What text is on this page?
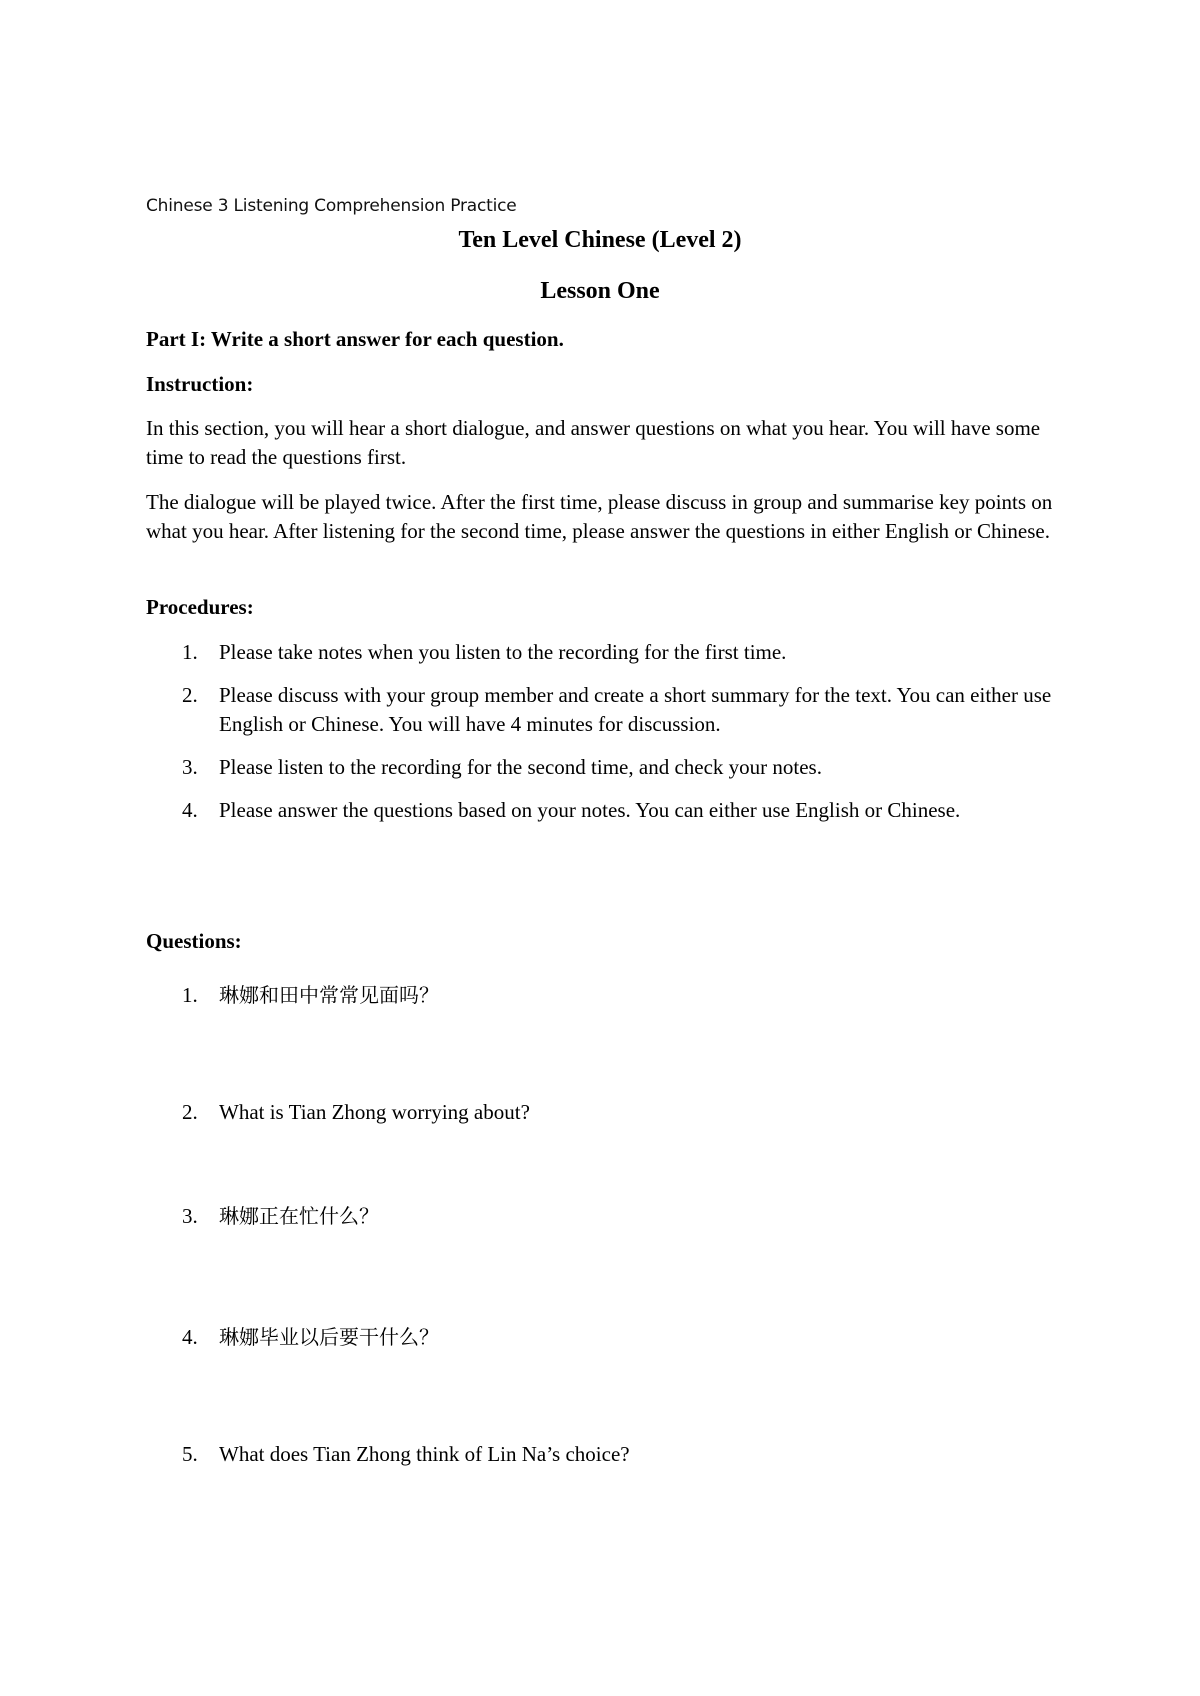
Chinese 3 Listening Comprehension Practice
Ten Level Chinese (Level 2)
Lesson One
Part I: Write a short answer for each question.
Instruction:

In this section, you will hear a short dialogue, and answer questions on what you hear. You will have some time to read the questions first.

The dialogue will be played twice. After the first time, please discuss in group and summarise key points on what you hear. After listening for the second time, please answer the questions in either English or Chinese.

Procedures:
1. Please take notes when you listen to the recording for the first time.
2. Please discuss with your group member and create a short summary for the text. You can either use English or Chinese. You will have 4 minutes for discussion.
3. Please listen to the recording for the second time, and check your notes.
4. Please answer the questions based on your notes. You can either use English or Chinese.
Questions:
1. 琳娜和田中常常见面吗？
2. What is Tian Zhong worrying about?
3. 琳娜正在忙什么？
4. 琳娜毕业以后要干什么？
5. What does Tian Zhong think of Lin Na’s choice?
